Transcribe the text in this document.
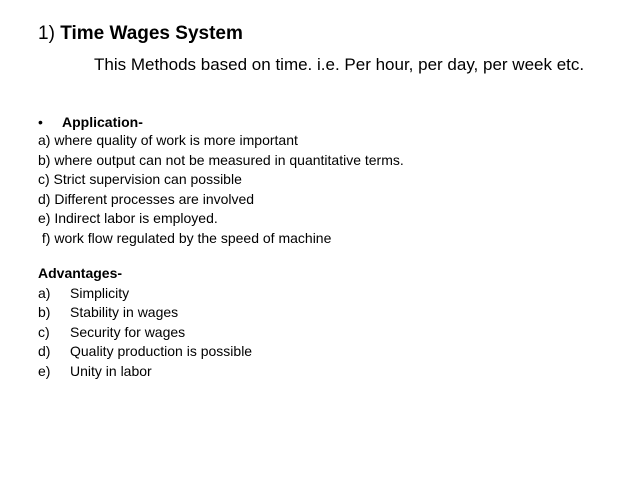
1) Time Wages System
This Methods based on time. i.e. Per hour, per day, per week etc.
• Application-
a) where quality of work is more important
b) where output can not be measured in quantitative terms.
c) Strict supervision can possible
d) Different processes are involved
e) Indirect labor is employed.
f) work flow regulated by the speed of machine
Advantages-
a) Simplicity
b) Stability in wages
c) Security for wages
d) Quality production is possible
e) Unity in labor
